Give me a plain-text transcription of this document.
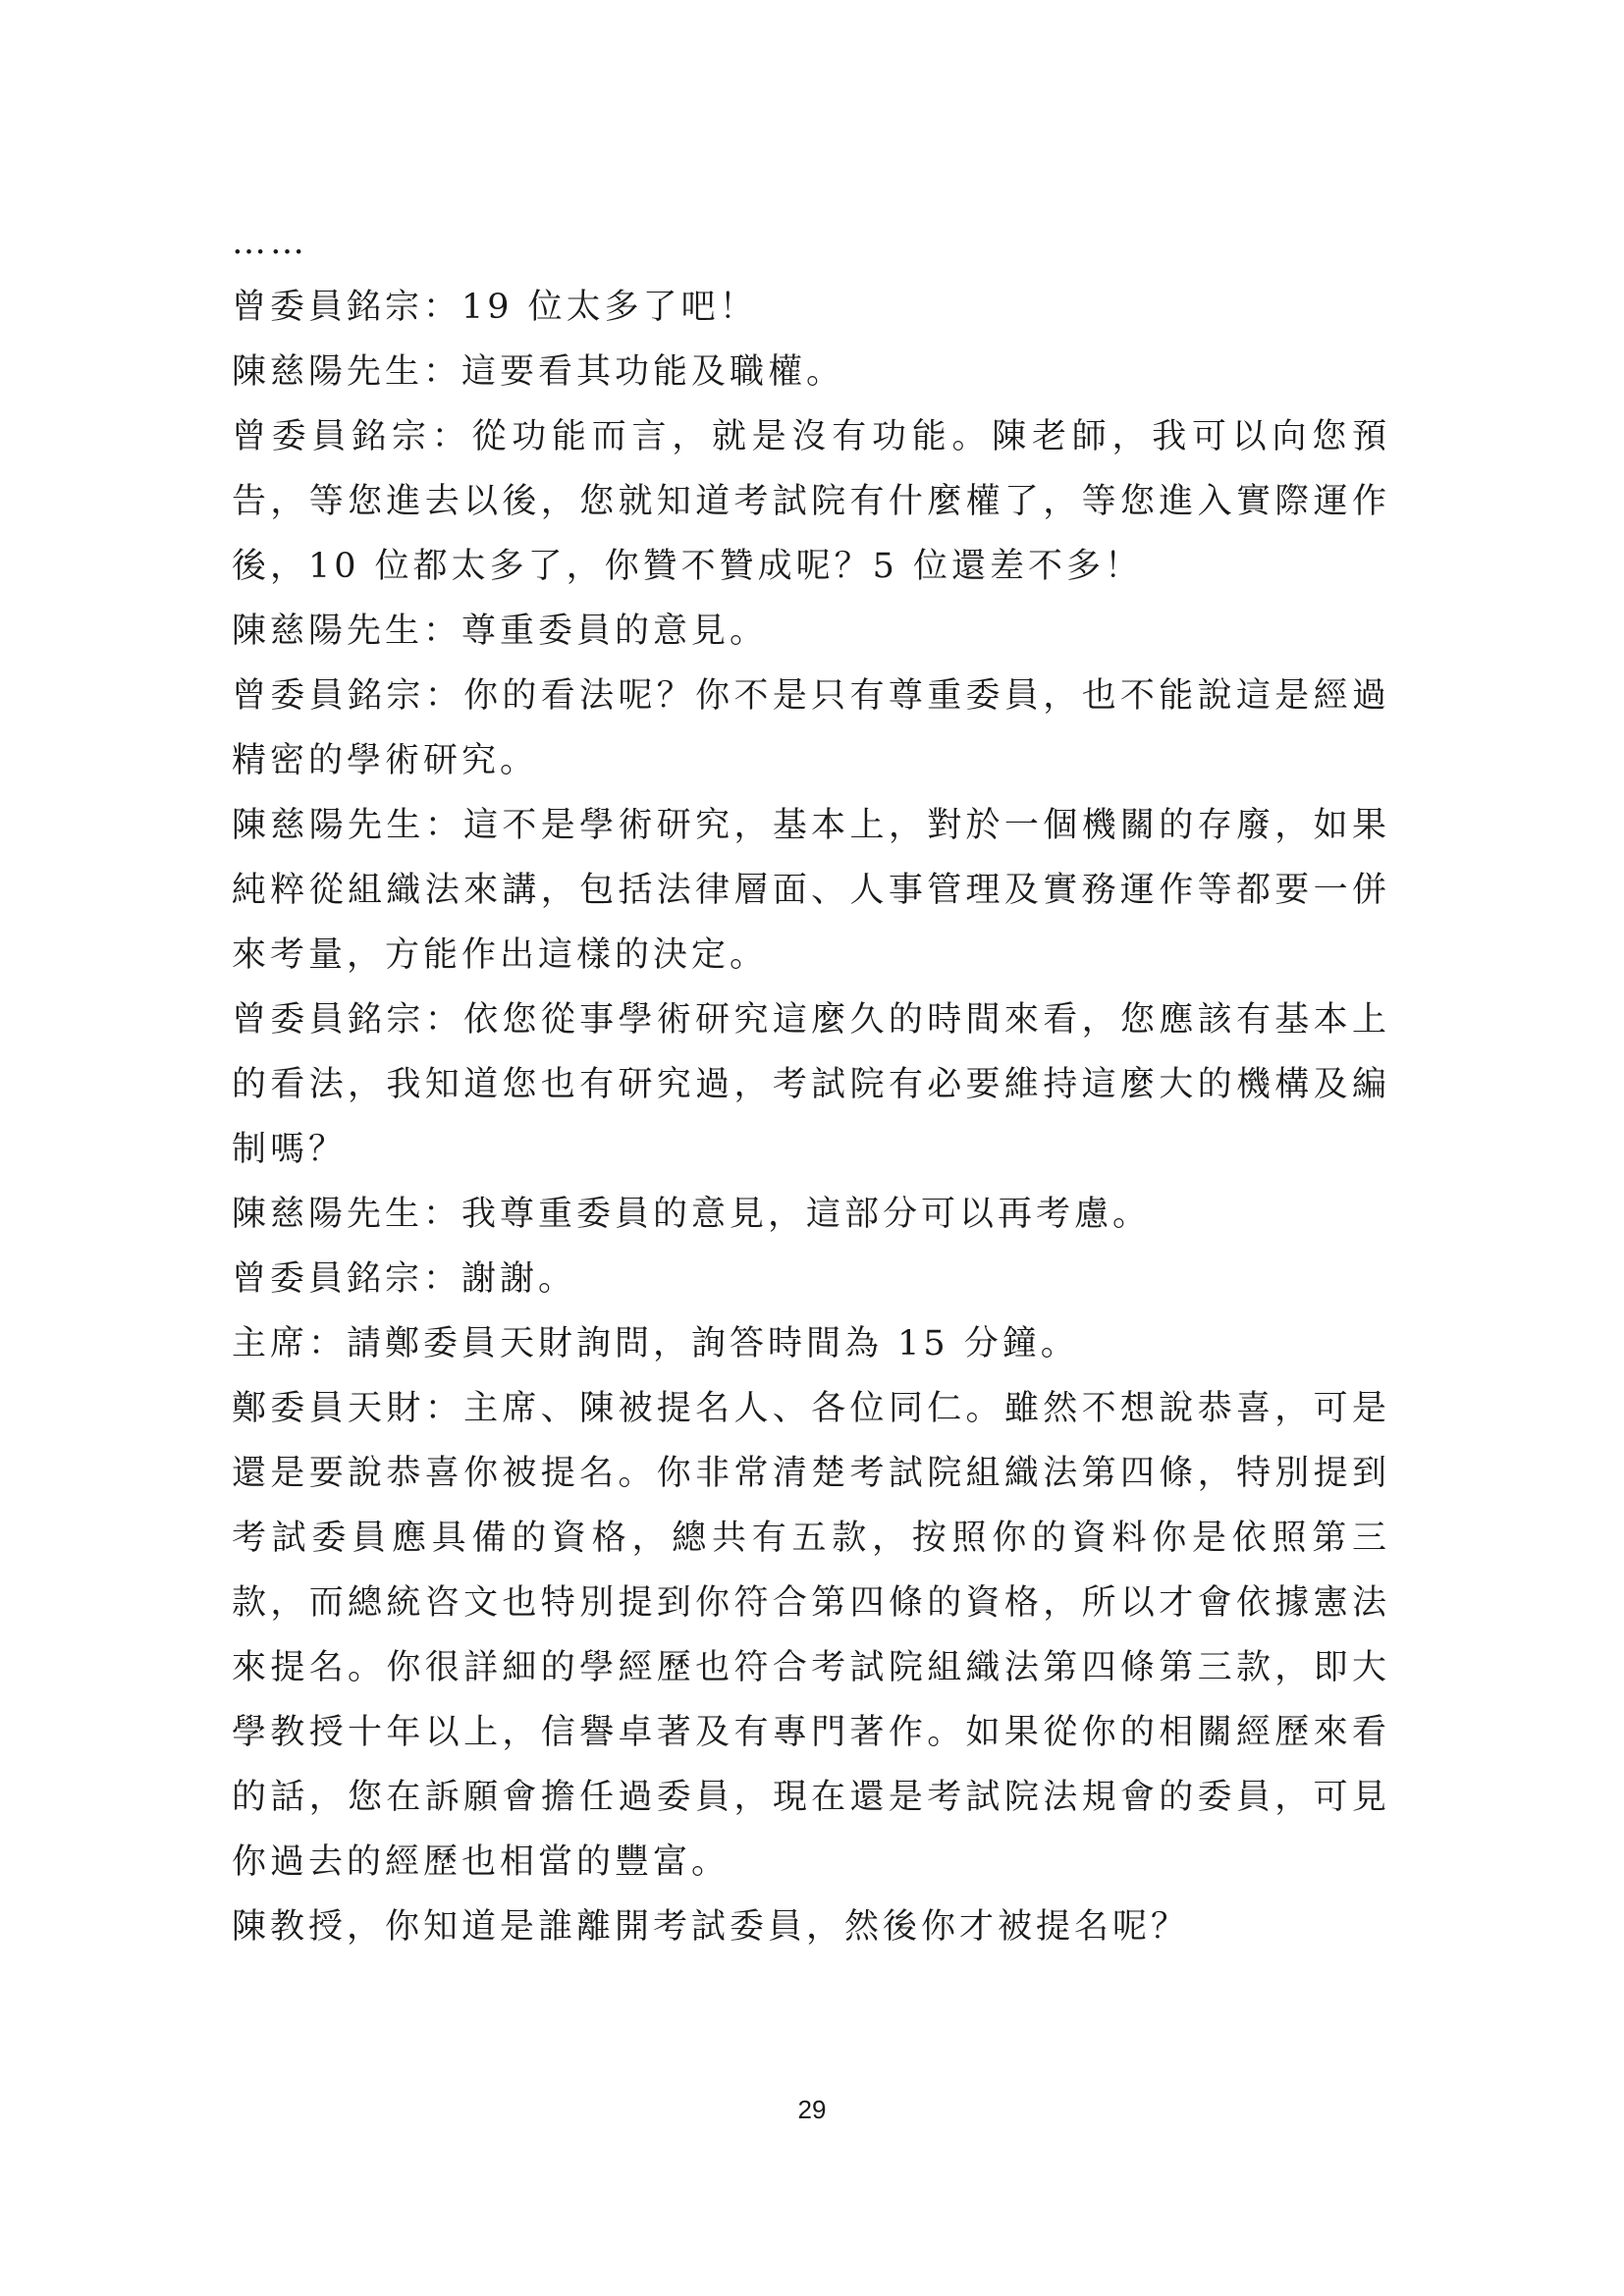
……

曾委員銘宗：19 位太多了吧！

陳慈陽先生：這要看其功能及職權。

曾委員銘宗：從功能而言，就是沒有功能。陳老師，我可以向您預告，等您進去以後，您就知道考試院有什麼權了，等您進入實際運作後，10 位都太多了，你贊不贊成呢？5 位還差不多！

陳慈陽先生：尊重委員的意見。

曾委員銘宗：你的看法呢？你不是只有尊重委員，也不能說這是經過精密的學術研究。

陳慈陽先生：這不是學術研究，基本上，對於一個機關的存廢，如果純粹從組織法來講，包括法律層面、人事管理及實務運作等都要一併來考量，方能作出這樣的決定。

曾委員銘宗：依您從事學術研究這麼久的時間來看，您應該有基本上的看法，我知道您也有研究過，考試院有必要維持這麼大的機構及編制嗎？

陳慈陽先生：我尊重委員的意見，這部分可以再考慮。

曾委員銘宗：謝謝。

主席：請鄭委員天財詢問，詢答時間為 15 分鐘。

鄭委員天財：主席、陳被提名人、各位同仁。雖然不想說恭喜，可是還是要說恭喜你被提名。你非常清楚考試院組織法第四條，特別提到考試委員應具備的資格，總共有五款，按照你的資料你是依照第三款，而總統咨文也特別提到你符合第四條的資格，所以才會依據憲法來提名。你很詳細的學經歷也符合考試院組織法第四條第三款，即大學教授十年以上，信譽卓著及有專門著作。如果從你的相關經歷來看的話，您在訴願會擔任過委員，現在還是考試院法規會的委員，可見你過去的經歷也相當的豐富。

陳教授，你知道是誰離開考試委員，然後你才被提名呢？

29
